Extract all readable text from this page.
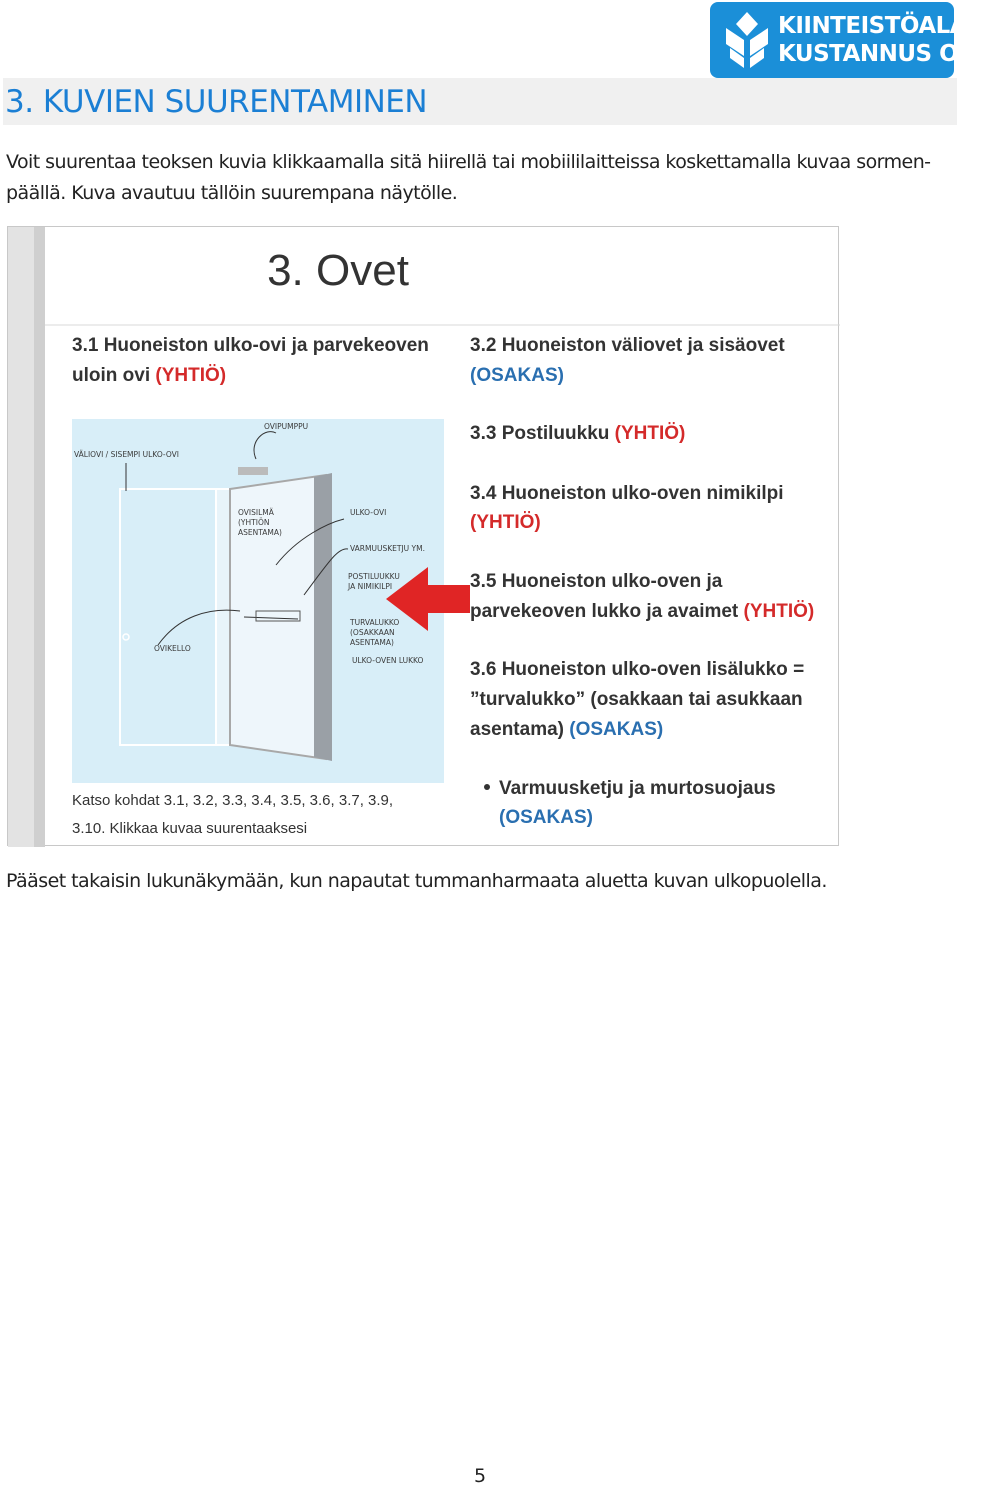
KIINTEISTÖALAN
KUSTANNUS OY
3. KUVIEN SUURENTAMINEN
Voit suurentaa teoksen kuvia klikkaamalla sitä hiirellä tai mobiililaitteissa koskettamalla kuvaa sormen-
päällä. Kuva avautuu tällöin suurempana näytölle.
3. Ovet
3.1 Huoneiston ulko-ovi ja parvekeoven
uloin ovi (YHTIÖ)
OVIPUMPPU
VÄLIOVI / SISEMPI ULKO-OVI
OVISILMÄ
(YHTIÖN
ASENTAMA)
ULKO-OVI
VARMUUSKETJU YM.
POSTILUUKKU
JA NIMIKILPI
TURVALUKKO
(OSAKKAAN
ASENTAMA)
ULKO-OVEN LUKKO
OVIKELLO
3.2 Huoneiston väliovet ja sisäovet
(OSAKAS)
3.3 Postiluukku (YHTIÖ)
3.4 Huoneiston ulko-oven nimikilpi
(YHTIÖ)
3.5 Huoneiston ulko-oven ja
parvekeoven lukko ja avaimet (YHTIÖ)
3.6 Huoneiston ulko-oven lisälukko =
”turvalukko” (osakkaan tai asukkaan
asentama) (OSAKAS)
Varmuusketju ja murtosuojaus
(OSAKAS)
Katso kohdat 3.1, 3.2, 3.3, 3.4, 3.5, 3.6, 3.7, 3.9,
3.10. Klikkaa kuvaa suurentaaksesi
Pääset takaisin lukunäkymään, kun napautat tummanharmaata aluetta kuvan ulkopuolella.
5
